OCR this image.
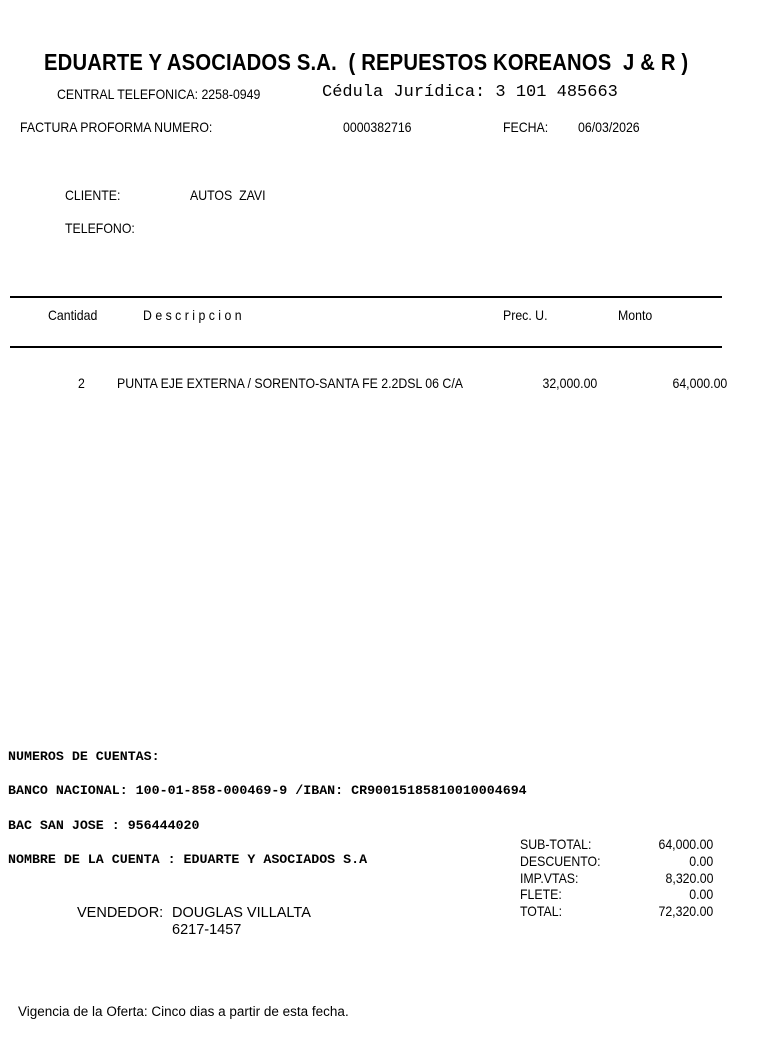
EDUARTE Y ASOCIADOS S.A.  ( REPUESTOS KOREANOS  J & R )
CENTRAL TELEFONICA: 2258-0949	Cédula Jurídica: 3 101 485663
FACTURA PROFORMA NUMERO:	0000382716	FECHA: 06/03/2026
CLIENTE:	AUTOS  ZAVI
TELEFONO:
Cantidad	D e s c r i p c i o n	Prec. U.	Monto
2 PUNTA EJE EXTERNA / SORENTO-SANTA FE 2.2DSL 06 C/A	32,000.00	64,000.00
NUMEROS DE CUENTAS:
BANCO NACIONAL: 100-01-858-000469-9 /IBAN: CR90015185810010004694
BAC SAN JOSE : 956444020
NOMBRE DE LA CUENTA : EDUARTE Y ASOCIADOS S.A
SUB-TOTAL:	64,000.00
DESCUENTO:	0.00
IMP.VTAS:	8,320.00
FLETE:	0.00
TOTAL:	72,320.00
VENDEDOR: DOUGLAS VILLALTA
6217-1457
Vigencia de la Oferta: Cinco dias a partir de esta fecha.
